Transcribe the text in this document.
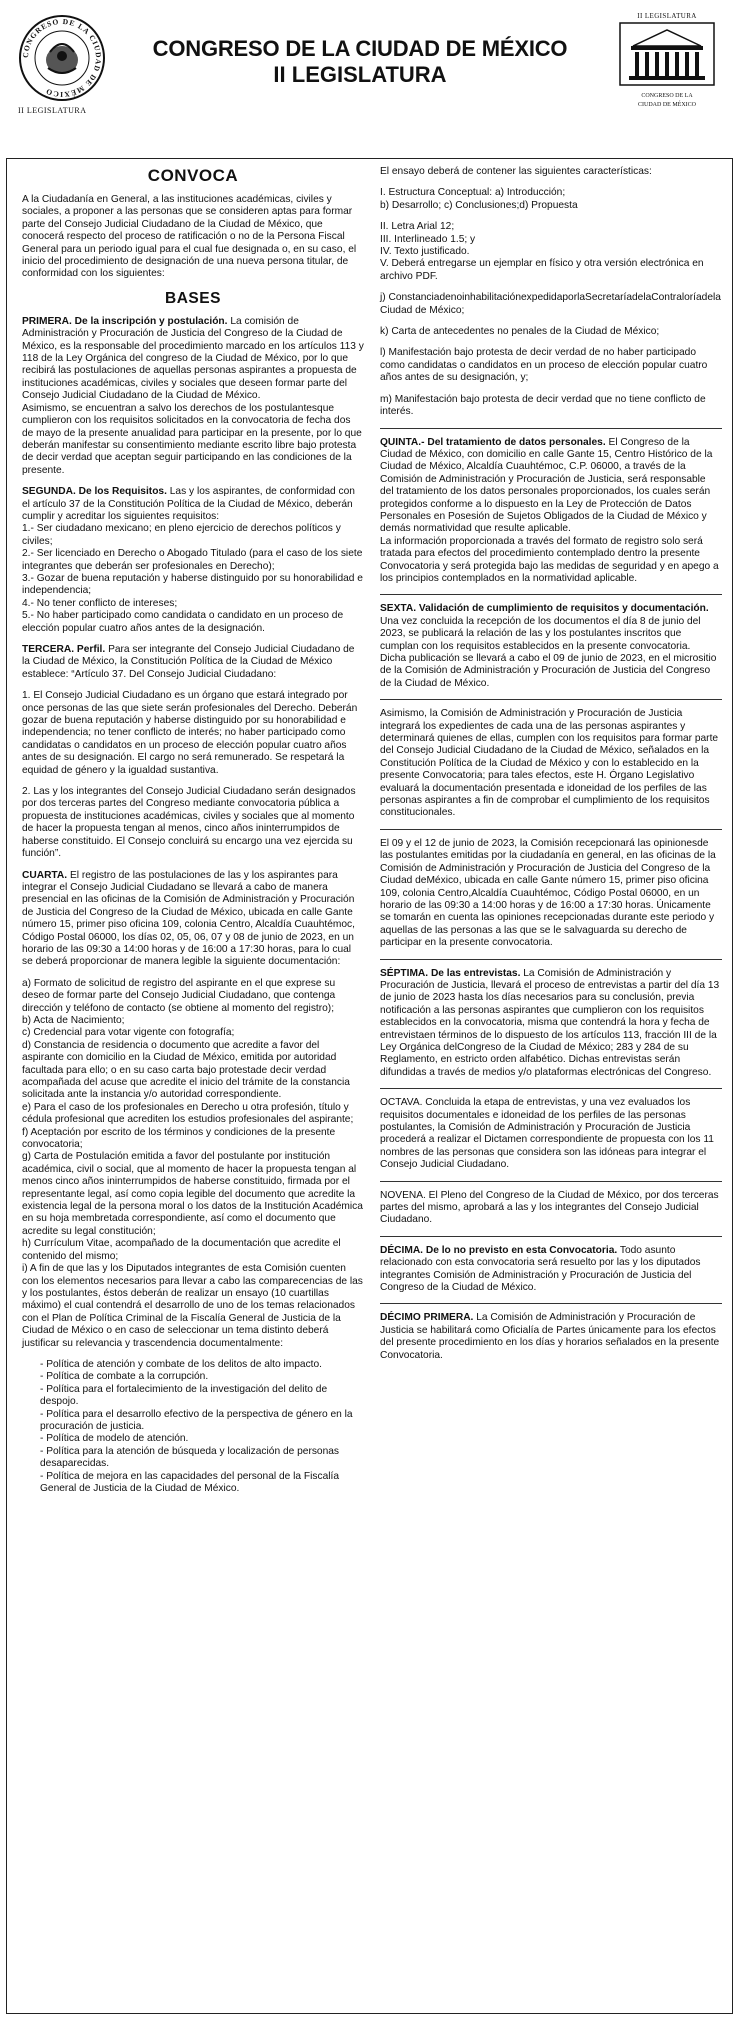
CONGRESO DE LA CIUDAD DE MÉXICO
II LEGISLATURA
CONGRESO DE LA CIUDAD DE MÉXICO
II LEGISLATURA
II LEGISLATURA
CONGRESO DE LA
CIUDAD DE MÉXICO
CONVOCA

A la Ciudadanía en General, a las instituciones académicas, civiles y sociales, a proponer a las personas que se consideren aptas para formar parte del Consejo Judicial Ciudadano de la Ciudad de México, que conocerá respecto del proceso de ratificación o no de la Persona Fiscal General para un periodo igual para el cual fue designada o, en su caso, el inicio del procedimiento de designación de una nueva persona titular, de conformidad con los siguientes:

BASES

PRIMERA. De la inscripción y postulación. La comisión de Administración y Procuración de Justicia del Congreso de la Ciudad de México, es la responsable del procedimiento marcado en los artículos 113 y 118 de la Ley Orgánica del congreso de la Ciudad de México, por lo que recibirá las postulaciones de aquellas personas aspirantes a propuesta de instituciones académicas, civiles y sociales que deseen formar parte del Consejo Judicial Ciudadano de la Ciudad de México.
Asimismo, se encuentran a salvo los derechos de los postulantesque cumplieron con los requisitos solicitados en la convocatoria de fecha dos de mayo de la presente anualidad para participar en la presente, por lo que deberán manifestar su consentimiento mediante escrito libre bajo protesta de decir verdad que aceptan seguir participando en las condiciones de la presente.

SEGUNDA. De los Requisitos. Las y los aspirantes, de conformidad con el artículo 37 de la Constitución Política de la Ciudad de México, deberán cumplir y acreditar los siguientes requisitos:
1.- Ser ciudadano mexicano; en pleno ejercicio de derechos políticos y civiles;
2.- Ser licenciado en Derecho o Abogado Titulado (para el caso de los siete integrantes que deberán ser profesionales en Derecho);
3.- Gozar de buena reputación y haberse distinguido por su honorabilidad e independencia;
4.- No tener conflicto de intereses;
5.- No haber participado como candidata o candidato en un proceso de elección popular cuatro años antes de la designación.

TERCERA. Perfil. Para ser integrante del Consejo Judicial Ciudadano de la Ciudad de México, la Constitución Política de la Ciudad de México establece: “Artículo 37. Del Consejo Judicial Ciudadano:

1. El Consejo Judicial Ciudadano es un órgano que estará integrado por once personas de las que siete serán profesionales del Derecho. Deberán gozar de buena reputación y haberse distinguido por su honorabilidad e independencia; no tener conflicto de interés; no haber participado como candidatas o candidatos en un proceso de elección popular cuatro años antes de su designación. El cargo no será remunerado. Se respetará la equidad de género y la igualdad sustantiva.

2. Las y los integrantes del Consejo Judicial Ciudadano serán designados por dos terceras partes del Congreso mediante convocatoria pública a propuesta de instituciones académicas, civiles y sociales que al momento de hacer la propuesta tengan al menos, cinco años ininterrumpidos de haberse constituido. El Consejo concluirá su encargo una vez ejercida su función”.

CUARTA. El registro de las postulaciones de las y los aspirantes para integrar el Consejo Judicial Ciudadano se llevará a cabo de manera presencial en las oficinas de la Comisión de Administración y Procuración de Justicia del Congreso de la Ciudad de México, ubicada en calle Gante número 15, primer piso oficina 109, colonia Centro, Alcaldía Cuauhtémoc, Código Postal 06000, los días 02, 05, 06, 07 y 08 de junio de 2023, en un horario de las 09:30 a 14:00 horas y de 16:00 a 17:30 horas, para lo cual se deberá proporcionar de manera legible la siguiente documentación:

a) Formato de solicitud de registro del aspirante en el que exprese su deseo de formar parte del Consejo Judicial Ciudadano, que contenga dirección y teléfono de contacto (se obtiene al momento del registro);
b) Acta de Nacimiento;
c) Credencial para votar vigente con fotografía;
d) Constancia de residencia o documento que acredite a favor del aspirante con domicilio en la Ciudad de México, emitida por autoridad facultada para ello; o en su caso carta bajo protestade decir verdad acompañada del acuse que acredite el inicio del trámite de la constancia solicitada ante la instancia y/o autoridad correspondiente.
e) Para el caso de los profesionales en Derecho u otra profesión, título y cédula profesional que acrediten los estudios profesionales del aspirante;
f) Aceptación por escrito de los términos y condiciones de la presente convocatoria;
g) Carta de Postulación emitida a favor del postulante por institución académica, civil o social, que al momento de hacer la propuesta tengan al menos cinco años ininterrumpidos de haberse constituido, firmada por el representante legal, así como copia legible del documento que acredite la existencia legal de la persona moral o los datos de la Institución Académica en su hoja membretada correspondiente, así como el documento que acredite su legal constitución;
h) Currículum Vitae, acompañado de la documentación que acredite el contenido del mismo;
i) A fin de que las y los Diputados integrantes de esta Comisión cuenten con los elementos necesarios para llevar a cabo las comparecencias de las y los postulantes, éstos deberán de realizar un ensayo (10 cuartillas máximo) el cual contendrá el desarrollo de uno de los temas relacionados con el Plan de Política Criminal de la Fiscalía General de Justicia de la Ciudad de México o en caso de seleccionar un tema distinto deberá justificar su relevancia y trascendencia documentalmente:

- Política de atención y combate de los delitos de alto impacto.
- Política de combate a la corrupción.
- Política para el fortalecimiento de la investigación del delito de despojo.
- Política para el desarrollo efectivo de la perspectiva de género en la procuración de justicia.
- Política de modelo de atención.
- Política para la atención de búsqueda y localización de personas desaparecidas.
- Política de mejora en las capacidades del personal de la Fiscalía General de Justicia de la Ciudad de México.

El ensayo deberá de contener las siguientes características:

I. Estructura Conceptual: a) Introducción;
b) Desarrollo; c) Conclusiones;d) Propuesta

II. Letra Arial 12;
III. Interlineado 1.5; y
IV. Texto justificado.
V. Deberá entregarse un ejemplar en físico y otra versión electrónica en archivo PDF.

j) ConstanciadenoinhabilitaciónexpedidaporlaSecretaríadelaContraloríadela Ciudad de México;

k) Carta de antecedentes no penales de la Ciudad de México;

l) Manifestación bajo protesta de decir verdad de no haber participado como candidatas o candidatos en un proceso de elección popular cuatro años antes de su designación, y;

m) Manifestación bajo protesta de decir verdad que no tiene conflicto de interés.

QUINTA.- Del tratamiento de datos personales. El Congreso de la Ciudad de México, con domicilio en calle Gante 15, Centro Histórico de la Ciudad de México, Alcaldía Cuauhtémoc, C.P. 06000, a través de la Comisión de Administración y Procuración de Justicia, será responsable del tratamiento de los datos personales proporcionados, los cuales serán protegidos conforme a lo dispuesto en la Ley de Protección de Datos Personales en Posesión de Sujetos Obligados de la Ciudad de México y demás normatividad que resulte aplicable.
La información proporcionada a través del formato de registro solo será tratada para efectos del procedimiento contemplado dentro la presente Convocatoria y será protegida bajo las medidas de seguridad y en apego a los principios contemplados en la normatividad aplicable.

SEXTA. Validación de cumplimiento de requisitos y documentación. Una vez concluida la recepción de los documentos el día 8 de junio del 2023, se publicará la relación de las y los postulantes inscritos que cumplan con los requisitos establecidos en la presente convocatoria.
Dicha publicación se llevará a cabo el 09 de junio de 2023, en el micrositio de la Comisión de Administración y Procuración de Justicia del Congreso de la Ciudad de México.

Asimismo, la Comisión de Administración y Procuración de Justicia integrará los expedientes de cada una de las personas aspirantes y determinará quienes de ellas, cumplen con los requisitos para formar parte del Consejo Judicial Ciudadano de la Ciudad de México, señalados en la Constitución Política de la Ciudad de México y con lo establecido en la presente Convocatoria; para tales efectos, este H. Órgano Legislativo evaluará la documentación presentada e idoneidad de los perfiles de las personas aspirantes a fin de comprobar el cumplimiento de los requisitos constitucionales.

El 09 y el 12 de junio de 2023, la Comisión recepcionará las opinionesde las postulantes emitidas por la ciudadanía en general, en las oficinas de la Comisión de Administración y Procuración de Justicia del Congreso de la Ciudad deMéxico, ubicada en calle Gante número 15, primer piso oficina 109, colonia Centro,Alcaldía Cuauhtémoc, Código Postal 06000, en un horario de las 09:30 a 14:00 horas y de 16:00 a 17:30 horas. Únicamente se tomarán en cuenta las opiniones recepcionadas durante este periodo y aquellas de las personas a las que se le salvaguarda su derecho de participar en la presente convocatoria.

SÉPTIMA. De las entrevistas. La Comisión de Administración y Procuración de Justicia, llevará el proceso de entrevistas a partir del día 13 de junio de 2023 hasta los días necesarios para su conclusión, previa notificación a las personas aspirantes que cumplieron con los requisitos establecidos en la convocatoria, misma que contendrá la hora y fecha de entrevistaen términos de lo dispuesto de los artículos 113, fracción III de la Ley Orgánica delCongreso de la Ciudad de México; 283 y 284 de su Reglamento, en estricto orden alfabético. Dichas entrevistas serán difundidas a través de medios y/o plataformas electrónicas del Congreso.

OCTAVA. Concluida la etapa de entrevistas, y una vez evaluados los requisitos documentales e idoneidad de los perfiles de las personas postulantes, la Comisión de Administración y Procuración de Justicia procederá a realizar el Dictamen correspondiente de propuesta con los 11 nombres de las personas que considera son las idóneas para integrar el Consejo Judicial Ciudadano.

NOVENA. El Pleno del Congreso de la Ciudad de México, por dos terceras partes del mismo, aprobará a las y los integrantes del Consejo Judicial Ciudadano.

DÉCIMA. De lo no previsto en esta Convocatoria. Todo asunto relacionado con esta convocatoria será resuelto por las y los diputados integrantes Comisión de Administración y Procuración de Justicia del Congreso de la Ciudad de México.

DÉCIMO PRIMERA. La Comisión de Administración y Procuración de Justicia se habilitará como Oficialía de Partes únicamente para los efectos del presente procedimiento en los días y horarios señalados en la presente Convocatoria.
